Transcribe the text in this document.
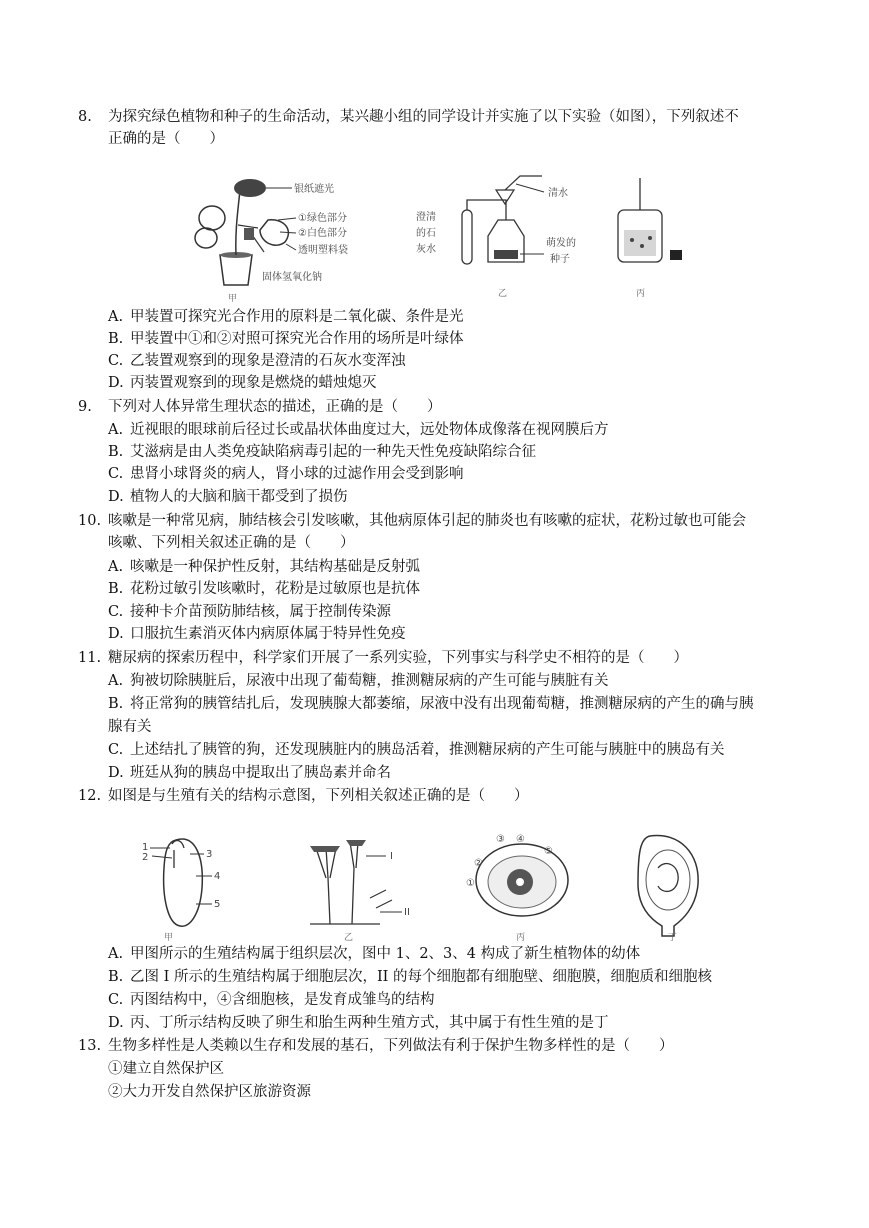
8.	为探究绿色植物和种子的生命活动，某兴趣小组的同学设计并实施了以下实验（如图），下列叙述不
正确的是（　　）
银纸遮光
①绿色部分
②白色部分
透明塑料袋
固体氢氧化钠
甲
澄清
的石
灰水
清水
萌发的
种子
乙	丙
A. 甲装置可探究光合作用的原料是二氧化碳、条件是光
B. 甲装置中①和②对照可探究光合作用的场所是叶绿体
C. 乙装置观察到的现象是澄清的石灰水变浑浊
D. 丙装置观察到的现象是燃烧的蜡烛熄灭
9.	下列对人体异常生理状态的描述，正确的是（　　）
A. 近视眼的眼球前后径过长或晶状体曲度过大，远处物体成像落在视网膜后方
B. 艾滋病是由人类免疫缺陷病毒引起的一种先天性免疫缺陷综合征
C. 患肾小球肾炎的病人，肾小球的过滤作用会受到影响
D. 植物人的大脑和脑干都受到了损伤
10. 咳嗽是一种常见病，肺结核会引发咳嗽，其他病原体引起的肺炎也有咳嗽的症状，花粉过敏也可能会
咳嗽、下列相关叙述正确的是（　　）
A. 咳嗽是一种保护性反射，其结构基础是反射弧
B. 花粉过敏引发咳嗽时，花粉是过敏原也是抗体
C. 接种卡介苗预防肺结核，属于控制传染源
D. 口服抗生素消灭体内病原体属于特异性免疫
11. 糖尿病的探索历程中，科学家们开展了一系列实验，下列事实与科学史不相符的是（　　）
A. 狗被切除胰脏后，尿液中出现了葡萄糖，推测糖尿病的产生可能与胰脏有关
B. 将正常狗的胰管结扎后，发现胰腺大都萎缩，尿液中没有出现葡萄糖，推测糖尿病的产生的确与胰
腺有关
C. 上述结扎了胰管的狗，还发现胰脏内的胰岛活着，推测糖尿病的产生可能与胰脏中的胰岛有关
D. 班廷从狗的胰岛中提取出了胰岛素并命名
12. 如图是与生殖有关的结构示意图，下列相关叙述正确的是（　　）
1
2	3
4
5
甲
I
II
乙
③ ④
⑤
②
①
丙	丁
A. 甲图所示的生殖结构属于组织层次，图中 1、2、3、4 构成了新生植物体的幼体
B. 乙图 I 所示的生殖结构属于细胞层次，II 的每个细胞都有细胞壁、细胞膜，细胞质和细胞核
C. 丙图结构中，④含细胞核，是发育成雏鸟的结构
D. 丙、丁所示结构反映了卵生和胎生两种生殖方式，其中属于有性生殖的是丁
13. 生物多样性是人类赖以生存和发展的基石，下列做法有利于保护生物多样性的是（　　）
①建立自然保护区
②大力开发自然保护区旅游资源
